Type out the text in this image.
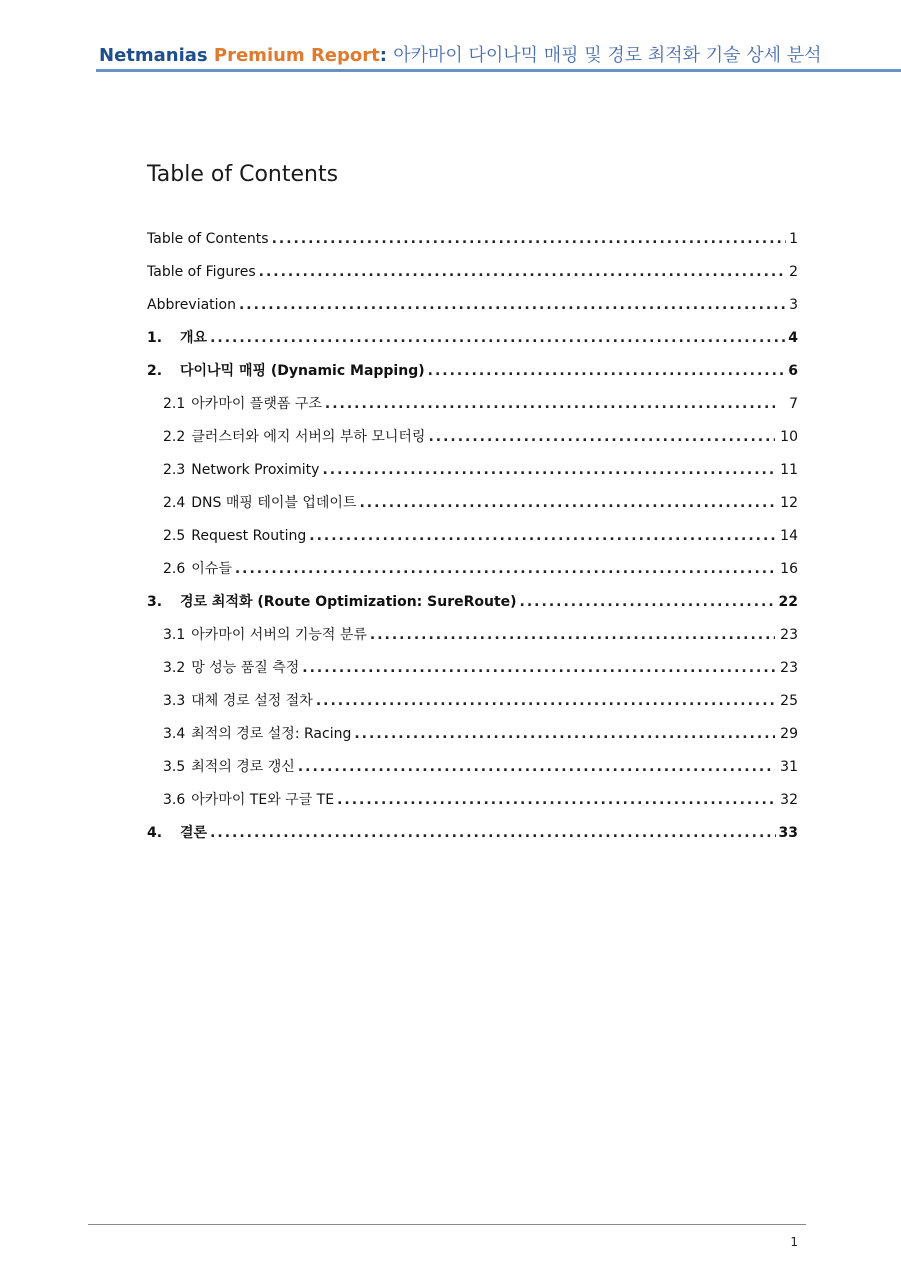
Netmanias Premium Report: 아카마이 다이나믹 매핑 및 경로 최적화 기술 상세 분석
Table of Contents
Table of Contents .....	1
Table of Figures .....	2
Abbreviation .....	3
1.	개요 .....	4
2.	다이나믹 매핑 (Dynamic Mapping) .....	6
2.1 아카마이 플랫폼 구조 .....	7
2.2 클러스터와 에지 서버의 부하 모니터링 .....	10
2.3 Network Proximity .....	11
2.4 DNS 매핑 테이블 업데이트 .....	12
2.5 Request Routing .....	14
2.6 이슈들 .....	16
3.	경로 최적화 (Route Optimization: SureRoute) .....	22
3.1 아카마이 서버의 기능적 분류 .....	23
3.2 망 성능 품질 측정 .....	23
3.3 대체 경로 설정 절차 .....	25
3.4 최적의 경로 설정: Racing .....	29
3.5 최적의 경로 갱신 .....	31
3.6 아카마이 TE와 구글 TE .....	32
4.	결론 .....	33
1
